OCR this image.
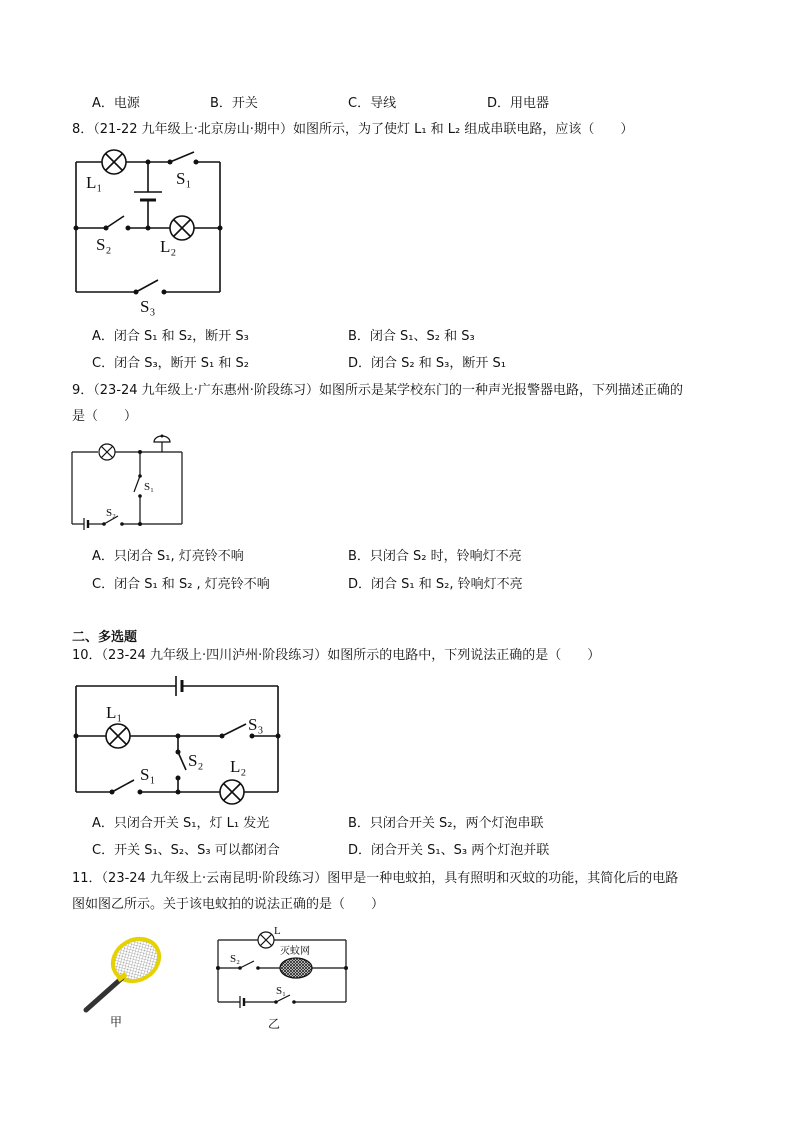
A．电源	B．开关	C．导线	D．用电器
8．（21-22 九年级上·北京房山·期中）如图所示，为了使灯 L₁ 和 L₂ 组成串联电路，应该（　　）
L₁	S₁
S₂	L₂
S₃
A．闭合 S₁ 和 S₂，断开 S₃	B．闭合 S₁、S₂ 和 S₃
C．闭合 S₃，断开 S₁ 和 S₂	D．闭合 S₂ 和 S₃，断开 S₁
9．（23-24 九年级上·广东惠州·阶段练习）如图所示是某学校东门的一种声光报警器电路，下列描述正确的
是（　　）
S₁
S₂
A．只闭合 S₁, 灯亮铃不响	B．只闭合 S₂ 时，铃响灯不亮
C．闭合 S₁ 和 S₂ , 灯亮铃不响	D．闭合 S₁ 和 S₂, 铃响灯不亮
二、多选题
10．（23-24 九年级上·四川泸州·阶段练习）如图所示的电路中，下列说法正确的是（　　）
L₁
S₃
S₂ L₂
S₁
A．只闭合开关 S₁，灯 L₁ 发光	B．只闭合开关 S₂，两个灯泡串联
C．开关 S₁、S₂、S₃ 可以都闭合	D．闭合开关 S₁、S₃ 两个灯泡并联
11．（23-24 九年级上·云南昆明·阶段练习）图甲是一种电蚊拍，具有照明和灭蚊的功能，其简化后的电路
图如图乙所示。关于该电蚊拍的说法正确的是（　　）
甲
L
S₂
灭蚊网
S₁
乙
